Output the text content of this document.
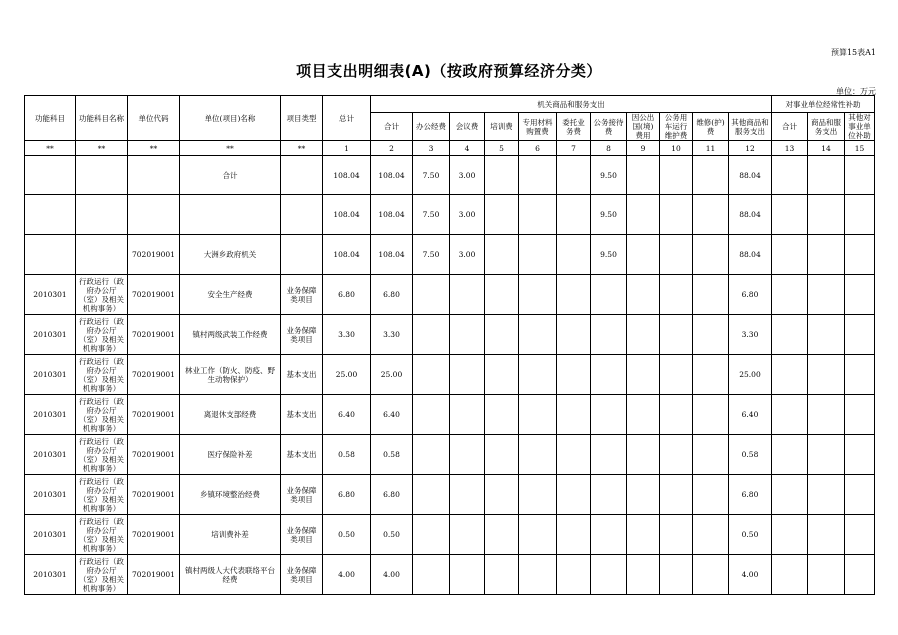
预算15表A1
项目支出明细表(A)（按政府预算经济分类）
单位：万元
功能科目	功能科目名称	单位代码	单位(项目)名称	项目类型	总计	机关商品和服务支出											对事业单位经常性补助		
						合计	办公经费	会议费	培训费	专用材料购置费	委托业务费	公务接待费	因公出国(境)费用	公务用车运行维护费	维修(护)费	其他商品和服务支出	合计	商品和服务支出	其他对事业单位补助
**	**	**	**	**	1	2	3	4	5	6	7	8	9	10	11	12	13	14	15
			合计		108.04	108.04	7.50	3.00				9.50				88.04			
					108.04	108.04	7.50	3.00				9.50				88.04			
		702019001	大洲乡政府机关		108.04	108.04	7.50	3.00				9.50				88.04			
2010301	行政运行（政府办公厅（室）及相关机构事务）	702019001	安全生产经费	业务保障类项目	6.80	6.80										6.80			
2010301	行政运行（政府办公厅（室）及相关机构事务）	702019001	镇村两级武装工作经费	业务保障类项目	3.30	3.30										3.30			
2010301	行政运行（政府办公厅（室）及相关机构事务）	702019001	林业工作（防火、防疫、野生动物保护）	基本支出	25.00	25.00										25.00			
2010301	行政运行（政府办公厅（室）及相关机构事务）	702019001	离退休支部经费	基本支出	6.40	6.40										6.40			
2010301	行政运行（政府办公厅（室）及相关机构事务）	702019001	医疗保险补差	基本支出	0.58	0.58										0.58			
2010301	行政运行（政府办公厅（室）及相关机构事务）	702019001	乡镇环境整治经费	业务保障类项目	6.80	6.80										6.80			
2010301	行政运行（政府办公厅（室）及相关机构事务）	702019001	培训费补差	业务保障类项目	0.50	0.50										0.50			
2010301	行政运行（政府办公厅（室）及相关机构事务）	702019001	镇村两级人大代表联络平台经费	业务保障类项目	4.00	4.00										4.00			
